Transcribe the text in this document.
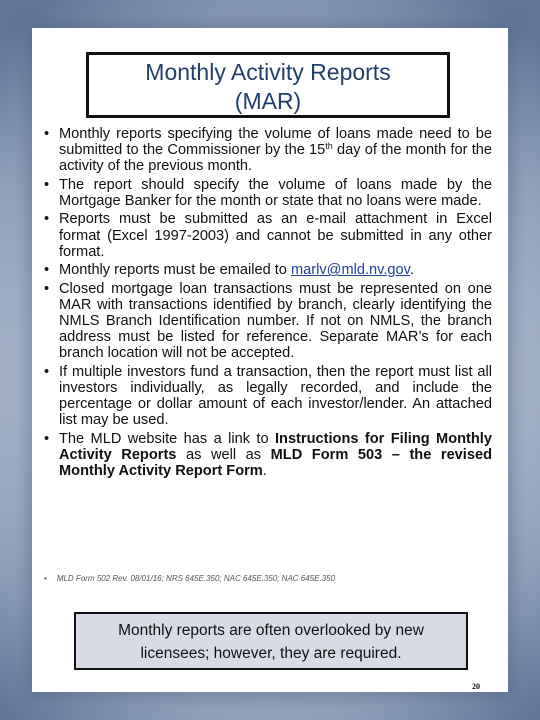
Monthly Activity Reports
(MAR)
• Monthly reports specifying the volume of loans made need to be submitted to the Commissioner by the 15th day of the month for the activity of the previous month.
• The report should specify the volume of loans made by the Mortgage Banker for the month or state that no loans were made.
• Reports must be submitted as an e-mail attachment in Excel format (Excel 1997-2003) and cannot be submitted in any other format.
• Monthly reports must be emailed to marlv@mld.nv.gov.
• Closed mortgage loan transactions must be represented on one MAR with transactions identified by branch, clearly identifying the NMLS Branch Identification number. If not on NMLS, the branch address must be listed for reference. Separate MAR’s for each branch location will not be accepted.
• If multiple investors fund a transaction, then the report must list all investors individually, as legally recorded, and include the percentage or dollar amount of each investor/lender. An attached list may be used.
• The MLD website has a link to Instructions for Filing Monthly Activity Reports as well as MLD Form 503 – the revised Monthly Activity Report Form.
• MLD Form 502 Rev. 08/01/16; NRS 645E.350; NAC 645E.350; NAC 645E.350
Monthly reports are often overlooked by new
licensees; however, they are required.
20
